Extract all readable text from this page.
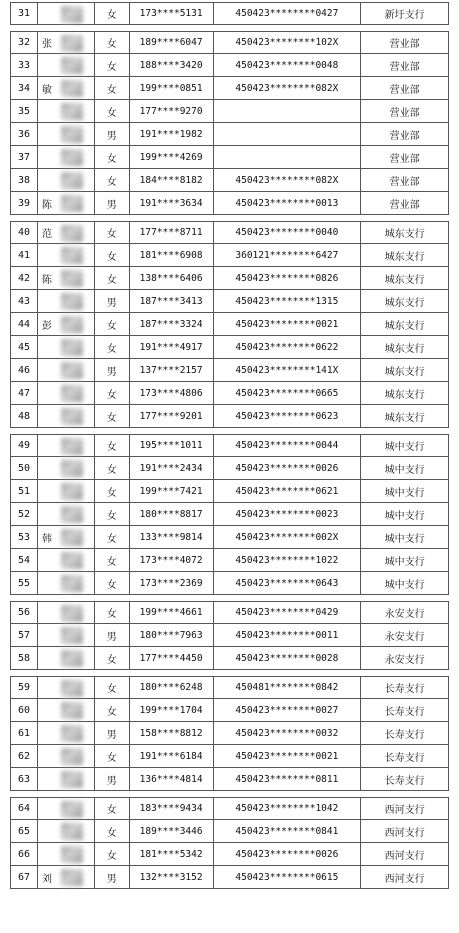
31	女 173****5131	450423********0427	新圩支行
32 张	女 189****6047	450423********102X	营业部
33	女 188****3420	450423********0048	营业部
34 敏	女 199****0851	450423********082X	营业部
35	女 177****9270	营业部
36	男 191****1982	营业部
37	女 199****4269	营业部
38	女 184****8182	450423********082X	营业部
39 陈	男 191****3634	450423********0013	营业部
40 范	女 177****8711	450423********0040	城东支行
41	女 181****6908	360121********6427	城东支行
42 陈	女 138****6406	450423********0826	城东支行
43	男 187****3413	450423********1315	城东支行
44 彭	女 187****3324	450423********0021	城东支行
45	女 191****4917	450423********0622	城东支行
46	男 137****2157	450423********141X	城东支行
47	女 173****4806	450423********0665	城东支行
48	女 177****9201	450423********0623	城东支行
49	女 195****1011	450423********0044	城中支行
50	女 191****2434	450423********0026	城中支行
51	女 199****7421	450423********0621	城中支行
52	女 180****8817	450423********0023	城中支行
53 韩	女 133****9814	450423********002X	城中支行
54	女 173****4072	450423********1022	城中支行
55	女 173****2369	450423********0643	城中支行
56	女 199****4661	450423********0429	永安支行
57	男 180****7963	450423********0011	永安支行
58	女 177****4450	450423********0028	永安支行
59	女 180****6248	450481********0842	长寿支行
60	女 199****1704	450423********0027	长寿支行
61	男 158****8812	450423********0032	长寿支行
62	女 191****6184	450423********0021	长寿支行
63	男 136****4814	450423********0811	长寿支行
64	女 183****9434	450423********1042	西河支行
65	女 189****3446	450423********0841	西河支行
66	女 181****5342	450423********0026	西河支行
67 刘	男 132****3152	450423********0615	西河支行
